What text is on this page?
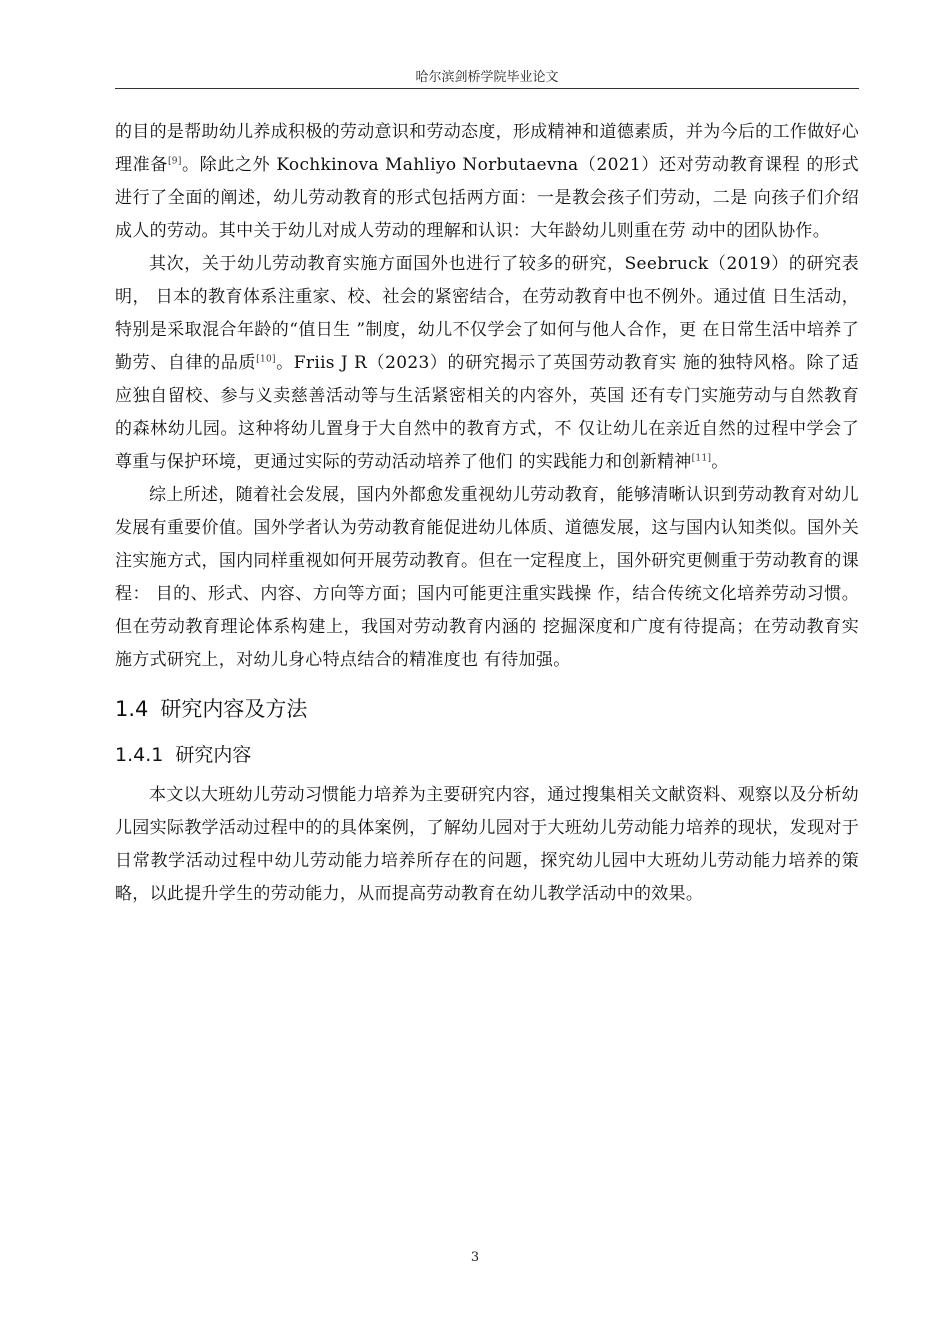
哈尔滨剑桥学院毕业论文

的目的是帮助幼儿养成积极的劳动意识和劳动态度，形成精神和道德素质，并为今后的工作做好心理准备[9]。除此之外 Kochkinova Mahliyo Norbutaevna（2021）还对劳动教育课程 的形式进行了全面的阐述，幼儿劳动教育的形式包括两方面：一是教会孩子们劳动，二是 向孩子们介绍成人的劳动。其中关于幼儿对成人劳动的理解和认识：大年龄幼儿则重在劳 动中的团队协作。

其次，关于幼儿劳动教育实施方面国外也进行了较多的研究，Seebruck（2019）的研究表明， 日本的教育体系注重家、校、社会的紧密结合，在劳动教育中也不例外。通过值 日生活动，特别是采取混合年龄的“值日生 ”制度，幼儿不仅学会了如何与他人合作，更 在日常生活中培养了勤劳、自律的品质[10]。Friis J R（2023）的研究揭示了英国劳动教育实 施的独特风格。除了适应独自留校、参与义卖慈善活动等与生活紧密相关的内容外，英国 还有专门实施劳动与自然教育的森林幼儿园。这种将幼儿置身于大自然中的教育方式，不 仅让幼儿在亲近自然的过程中学会了尊重与保护环境，更通过实际的劳动活动培养了他们 的实践能力和创新精神[11]。

综上所述，随着社会发展，国内外都愈发重视幼儿劳动教育，能够清晰认识到劳动教育对幼儿发展有重要价值。国外学者认为劳动教育能促进幼儿体质、道德发展，这与国内认知类似。国外关注实施方式，国内同样重视如何开展劳动教育。但在一定程度上，国外研究更侧重于劳动教育的课程： 目的、形式、内容、方向等方面；国内可能更注重实践操 作，结合传统文化培养劳动习惯。但在劳动教育理论体系构建上，我国对劳动教育内涵的 挖掘深度和广度有待提高；在劳动教育实施方式研究上，对幼儿身心特点结合的精准度也 有待加强。

1.4 研究内容及方法
1.4.1 研究内容

本文以大班幼儿劳动习惯能力培养为主要研究内容，通过搜集相关文献资料、观察以及分析幼儿园实际教学活动过程中的的具体案例，了解幼儿园对于大班幼儿劳动能力培养的现状，发现对于日常教学活动过程中幼儿劳动能力培养所存在的问题，探究幼儿园中大班幼儿劳动能力培养的策略，以此提升学生的劳动能力，从而提高劳动教育在幼儿教学活动中的效果。

3
